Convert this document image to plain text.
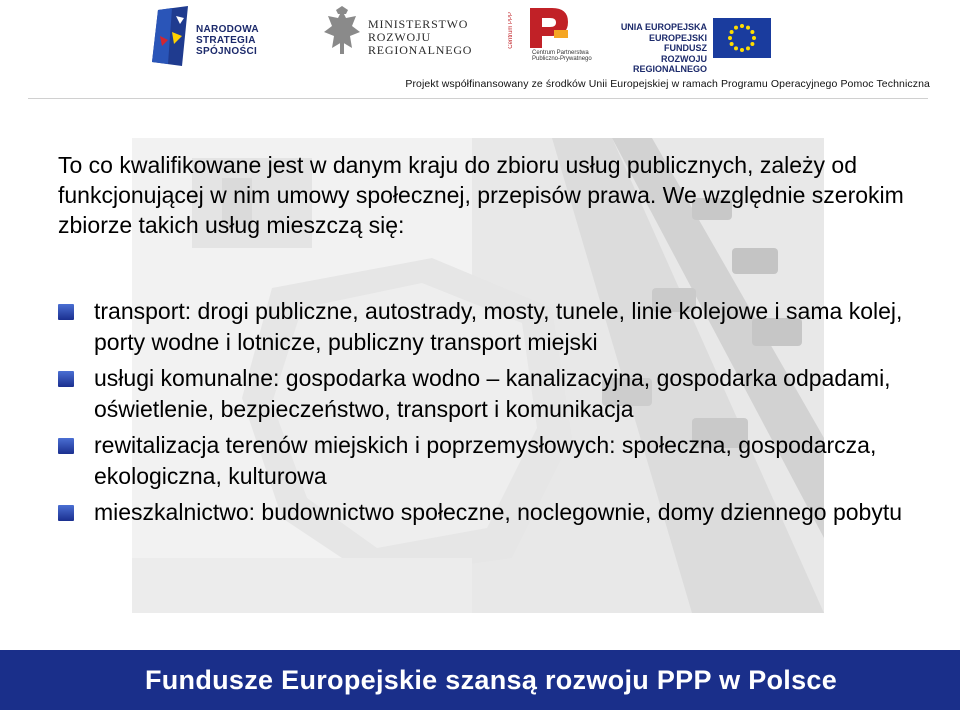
NARODOWA
STRATEGIA SPÓJNOŚCI
MINISTERSTWO
ROZWOJU
REGIONALNEGO
Centrum PPP
Centrum Partnerstwa
Publiczno-Prywatnego
UNIA EUROPEJSKA
EUROPEJSKI FUNDUSZ
ROZWOJU REGIONALNEGO
Projekt współfinansowany ze środków Unii Europejskiej w ramach Programu Operacyjnego Pomoc Techniczna

To co kwalifikowane jest w danym kraju do zbioru usług publicznych, zależy od funkcjonującej w nim umowy społecznej, przepisów prawa. We względnie szerokim zbiorze takich usług mieszczą się:

transport: drogi publiczne, autostrady, mosty, tunele, linie kolejowe i sama kolej, porty wodne i lotnicze, publiczny transport miejski
usługi komunalne: gospodarka wodno – kanalizacyjna, gospodarka odpadami, oświetlenie, bezpieczeństwo, transport i komunikacja
rewitalizacja terenów miejskich i poprzemysłowych: społeczna, gospodarcza, ekologiczna, kulturowa
mieszkalnictwo: budownictwo społeczne, noclegownie, domy dziennego pobytu
Fundusze Europejskie szansą rozwoju PPP w Polsce
